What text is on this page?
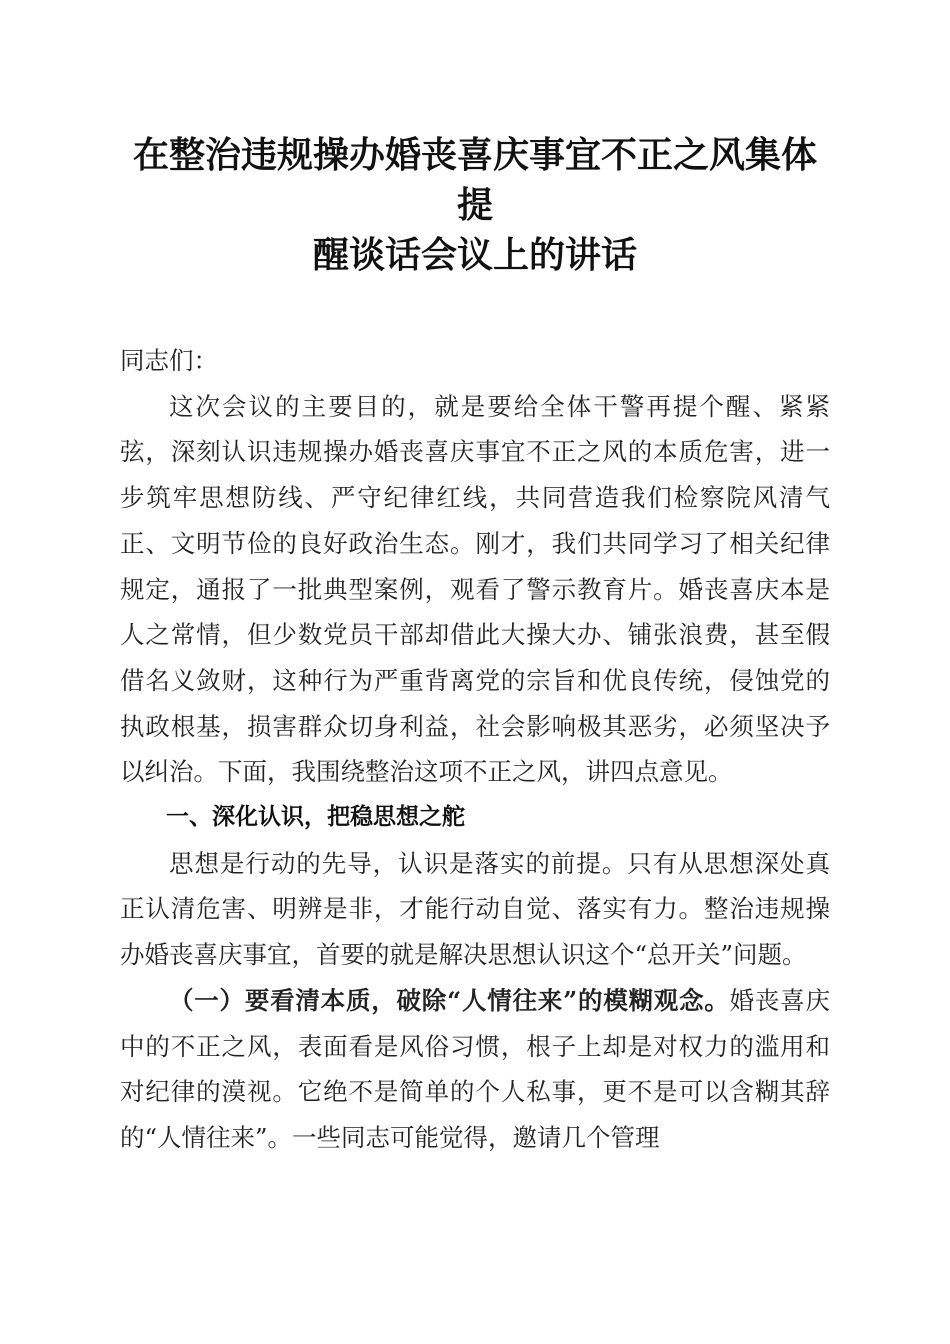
在整治违规操办婚丧喜庆事宜不正之风集体提
醒谈话会议上的讲话

同志们：

这次会议的主要目的，就是要给全体干警再提个醒、紧紧弦，深刻认识违规操办婚丧喜庆事宜不正之风的本质危害，进一步筑牢思想防线、严守纪律红线，共同营造我们检察院风清气正、文明节俭的良好政治生态。刚才，我们共同学习了相关纪律规定，通报了一批典型案例，观看了警示教育片。婚丧喜庆本是人之常情，但少数党员干部却借此大操大办、铺张浪费，甚至假借名义敛财，这种行为严重背离党的宗旨和优良传统，侵蚀党的执政根基，损害群众切身利益，社会影响极其恶劣，必须坚决予以纠治。下面，我围绕整治这项不正之风，讲四点意见。

一、深化认识，把稳思想之舵

思想是行动的先导，认识是落实的前提。只有从思想深处真正认清危害、明辨是非，才能行动自觉、落实有力。整治违规操办婚丧喜庆事宜，首要的就是解决思想认识这个“总开关”问题。

（一）要看清本质，破除“人情往来”的模糊观念。婚丧喜庆中的不正之风，表面看是风俗习惯，根子上却是对权力的滥用和对纪律的漠视。它绝不是简单的个人私事，更不是可以含糊其辞的“人情往来”。一些同志可能觉得，邀请几个管理
